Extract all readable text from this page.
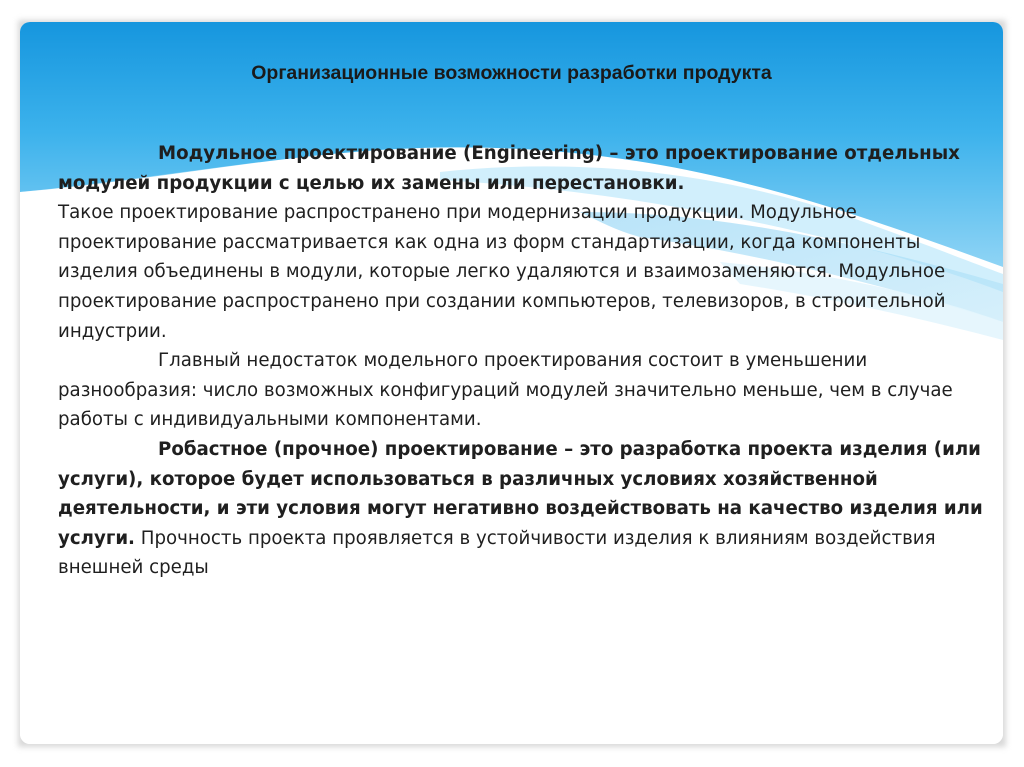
Организационные возможности разработки продукта

Модульное проектирование (Engineering) – это проектирование отдельных модулей продукции с целью их замены или перестановки.
Такое проектирование распространено при модернизации продукции. Модульное проектирование рассматривается как одна из форм стандартизации, когда компоненты изделия объединены в модули, которые легко удаляются и взаимозаменяются. Модульное проектирование распространено при создании компьютеров, телевизоров, в строительной индустрии.

Главный недостаток модельного проектирования состоит в уменьшении разнообразия: число возможных конфигураций модулей значительно меньше, чем в случае работы с индивидуальными компонентами.

Робастное (прочное) проектирование – это разработка проекта изделия (или услуги), которое будет использоваться в различных условиях хозяйственной деятельности, и эти условия могут негативно воздействовать на качество изделия или услуги. Прочность проекта проявляется в устойчивости изделия к влияниям воздействия внешней среды
